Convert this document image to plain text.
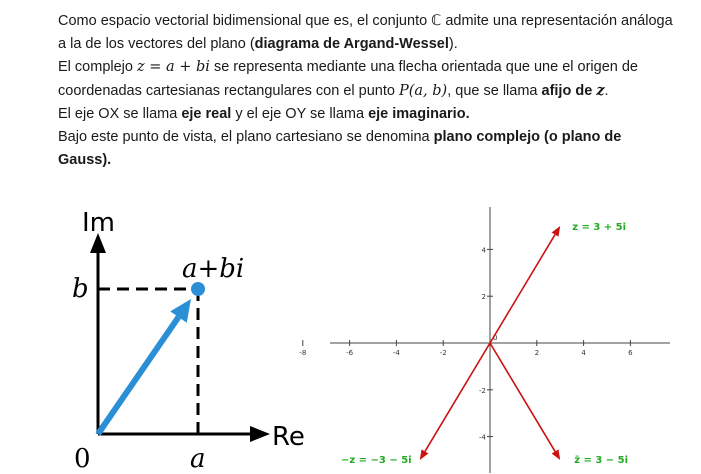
Como espacio vectorial bidimensional que es, el conjunto ℂ admite una representación análoga a la de los vectores del plano (diagrama de Argand-Wessel).

El complejo z = a + bi se representa mediante una flecha orientada que une el origen de coordenadas cartesianas rectangulares con el punto P(a, b), que se llama afijo de z.

El eje OX se llama eje real y el eje OY se llama eje imaginario.

Bajo este punto de vista, el plano cartesiano se denomina plano complejo (o plano de Gauss).

Im
Re
b
a
0
a+bi
-8	-6	-4	-2
0
2	4	6
4
2
-2
-4
z = 3 + 5i
−z = −3 − 5i	z̄ = 3 − 5i
